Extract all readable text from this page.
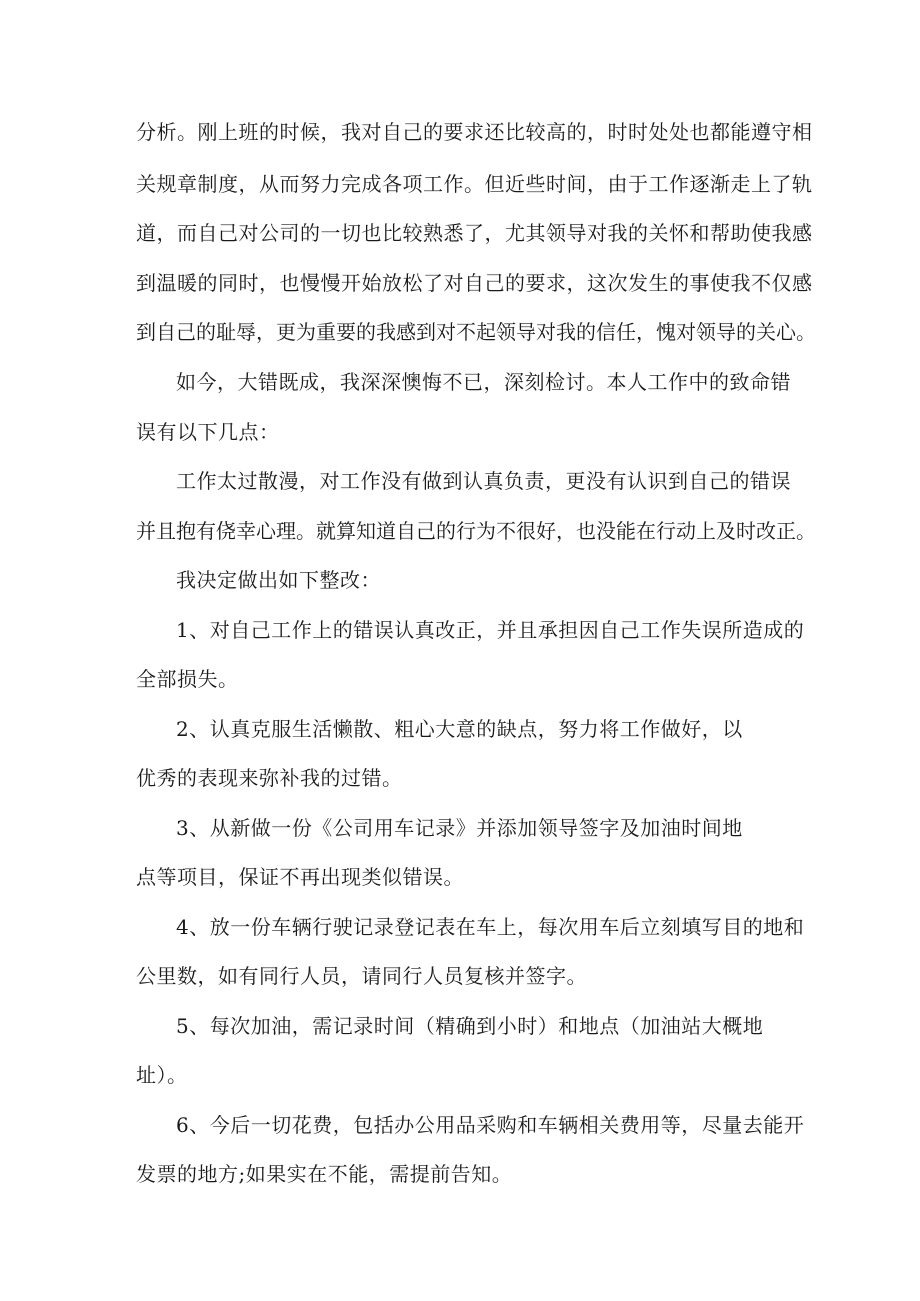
分析。刚上班的时候，我对自己的要求还比较高的，时时处处也都能遵守相

关规章制度，从而努力完成各项工作。但近些时间，由于工作逐渐走上了轨

道，而自己对公司的一切也比较熟悉了，尤其领导对我的关怀和帮助使我感

到温暖的同时，也慢慢开始放松了对自己的要求，这次发生的事使我不仅感

到自己的耻辱，更为重要的我感到对不起领导对我的信任，愧对领导的关心。

如今，大错既成，我深深懊悔不已，深刻检讨。本人工作中的致命错

误有以下几点：

工作太过散漫，对工作没有做到认真负责，更没有认识到自己的错误

并且抱有侥幸心理。就算知道自己的行为不很好，也没能在行动上及时改正。

我决定做出如下整改：

1、对自己工作上的错误认真改正，并且承担因自己工作失误所造成的

全部损失。

2、认真克服生活懒散、粗心大意的缺点，努力将工作做好，以

优秀的表现来弥补我的过错。

3、从新做一份《公司用车记录》并添加领导签字及加油时间地

点等项目，保证不再出现类似错误。

4、放一份车辆行驶记录登记表在车上，每次用车后立刻填写目的地和

公里数，如有同行人员，请同行人员复核并签字。

5、每次加油，需记录时间（精确到小时）和地点（加油站大概地

址）。

6、今后一切花费，包括办公用品采购和车辆相关费用等，尽量去能开

发票的地方;如果实在不能，需提前告知。
